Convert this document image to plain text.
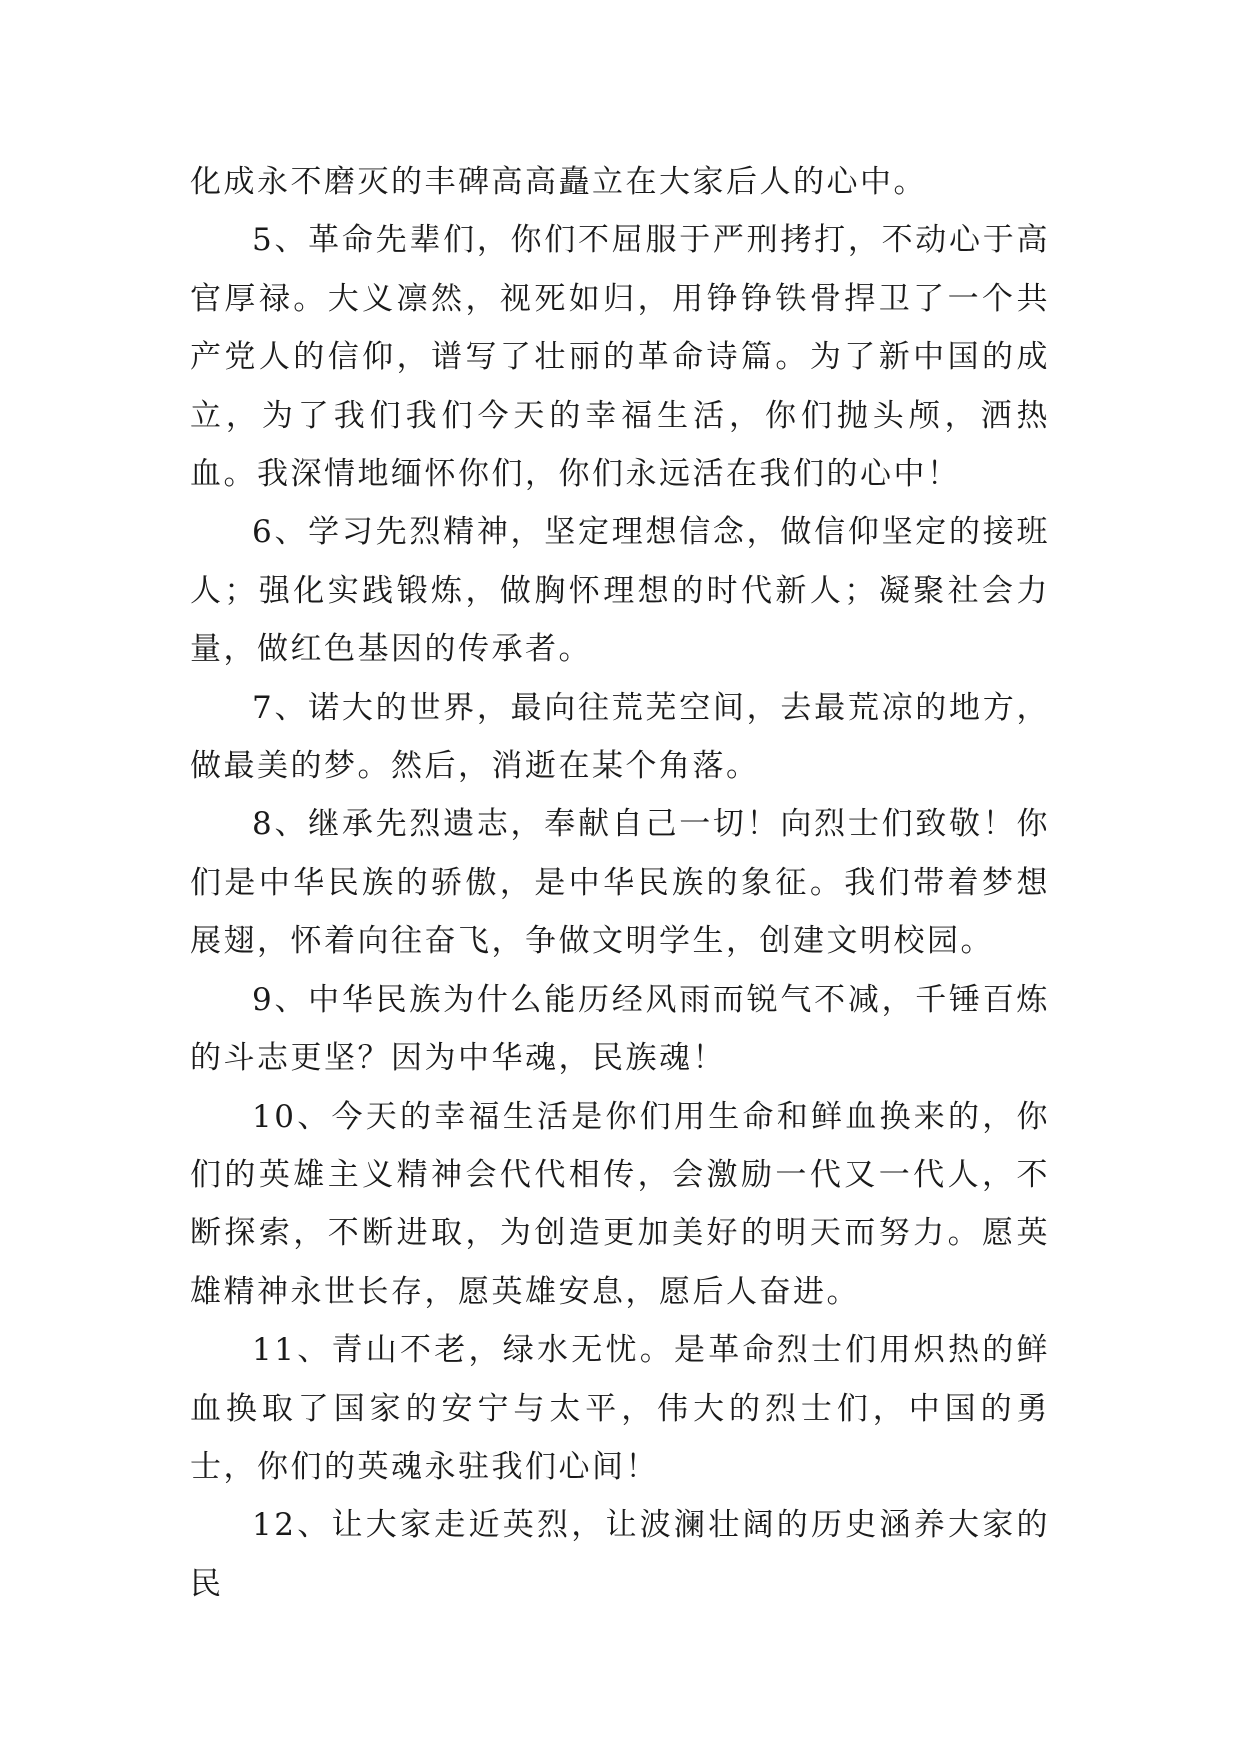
化成永不磨灭的丰碑高高矗立在大家后人的心中。

5、革命先辈们，你们不屈服于严刑拷打，不动心于高官厚禄。大义凛然，视死如归，用铮铮铁骨捍卫了一个共产党人的信仰，谱写了壮丽的革命诗篇。为了新中国的成立，为了我们我们今天的幸福生活，你们抛头颅，洒热血。我深情地缅怀你们，你们永远活在我们的心中！

6、学习先烈精神，坚定理想信念，做信仰坚定的接班人；强化实践锻炼，做胸怀理想的时代新人；凝聚社会力量，做红色基因的传承者。

7、诺大的世界，最向往荒芜空间，去最荒凉的地方，做最美的梦。然后，消逝在某个角落。

8、继承先烈遗志，奉献自己一切！向烈士们致敬！你们是中华民族的骄傲，是中华民族的象征。我们带着梦想展翅，怀着向往奋飞，争做文明学生，创建文明校园。

9、中华民族为什么能历经风雨而锐气不减，千锤百炼的斗志更坚？因为中华魂，民族魂！

10、今天的幸福生活是你们用生命和鲜血换来的，你们的英雄主义精神会代代相传，会激励一代又一代人，不断探索，不断进取，为创造更加美好的明天而努力。愿英雄精神永世长存，愿英雄安息，愿后人奋进。

11、青山不老，绿水无忧。是革命烈士们用炽热的鲜血换取了国家的安宁与太平，伟大的烈士们，中国的勇士，你们的英魂永驻我们心间！

12、让大家走近英烈，让波澜壮阔的历史涵养大家的民
